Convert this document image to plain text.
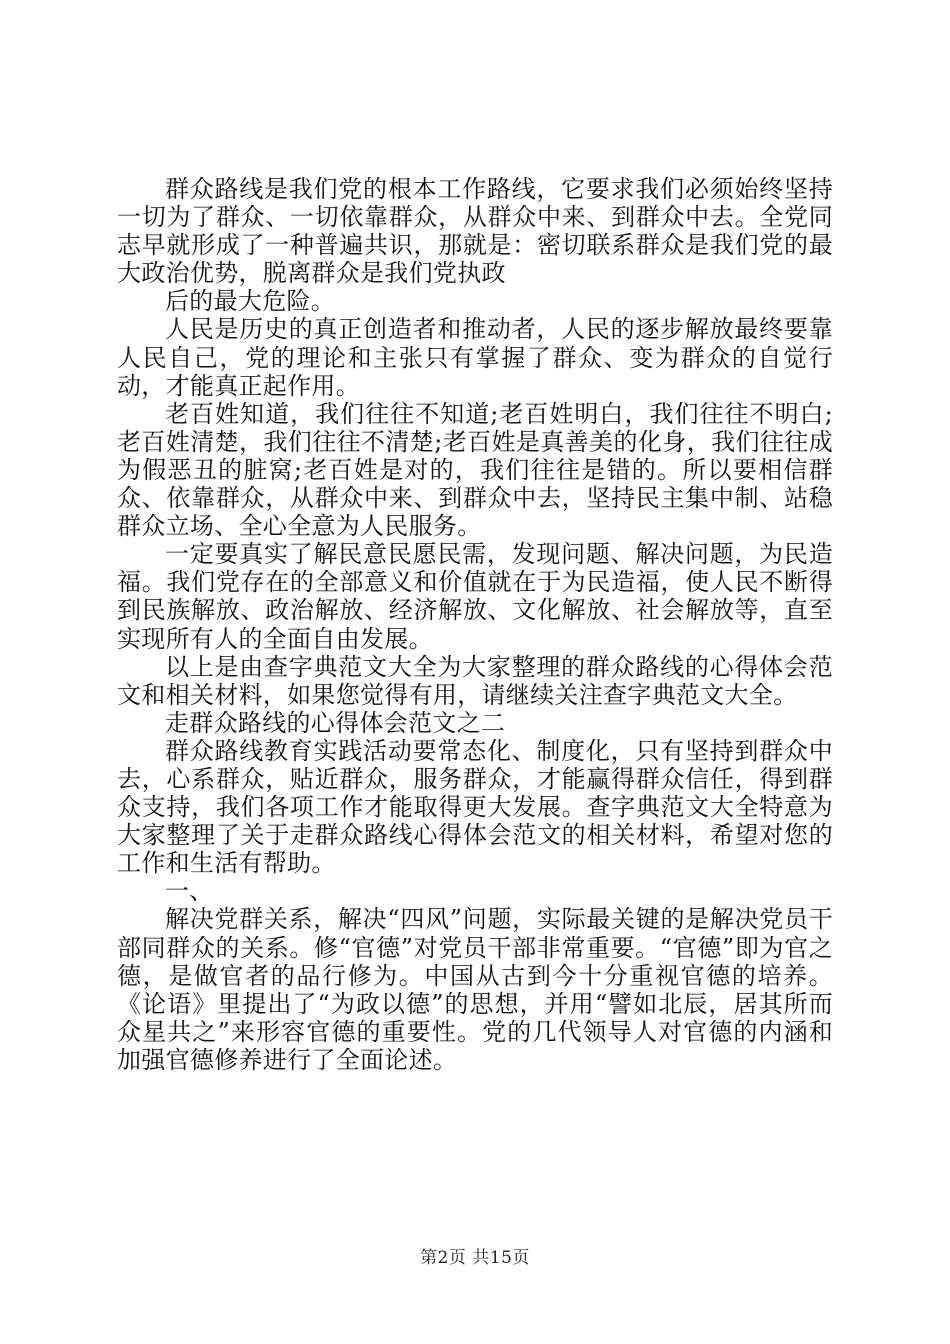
群众路线是我们党的根本工作路线，它要求我们必须始终坚持一切为了群众、一切依靠群众，从群众中来、到群众中去。全党同志早就形成了一种普遍共识，那就是：密切联系群众是我们党的最大政治优势，脱离群众是我们党执政

后的最大危险。

人民是历史的真正创造者和推动者，人民的逐步解放最终要靠人民自己，党的理论和主张只有掌握了群众、变为群众的自觉行动，才能真正起作用。

老百姓知道，我们往往不知道;老百姓明白，我们往往不明白;老百姓清楚，我们往往不清楚;老百姓是真善美的化身，我们往往成为假恶丑的脏窝;老百姓是对的，我们往往是错的。所以要相信群众、依靠群众，从群众中来、到群众中去，坚持民主集中制、站稳群众立场、全心全意为人民服务。

一定要真实了解民意民愿民需，发现问题、解决问题，为民造福。我们党存在的全部意义和价值就在于为民造福，使人民不断得到民族解放、政治解放、经济解放、文化解放、社会解放等，直至实现所有人的全面自由发展。

以上是由查字典范文大全为大家整理的群众路线的心得体会范文和相关材料，如果您觉得有用，请继续关注查字典范文大全。

走群众路线的心得体会范文之二

群众路线教育实践活动要常态化、制度化，只有坚持到群众中去，心系群众，贴近群众，服务群众，才能赢得群众信任，得到群众支持，我们各项工作才能取得更大发展。查字典范文大全特意为大家整理了关于走群众路线心得体会范文的相关材料，希望对您的工作和生活有帮助。

一、

解决党群关系，解决“四风”问题，实际最关键的是解决党员干部同群众的关系。修“官德”对党员干部非常重要。“官德”即为官之德，是做官者的品行修为。中国从古到今十分重视官德的培养。《论语》里提出了“为政以德”的思想，并用“譬如北辰，居其所而众星共之”来形容官德的重要性。党的几代领导人对官德的内涵和加强官德修养进行了全面论述。

第2页 共15页
